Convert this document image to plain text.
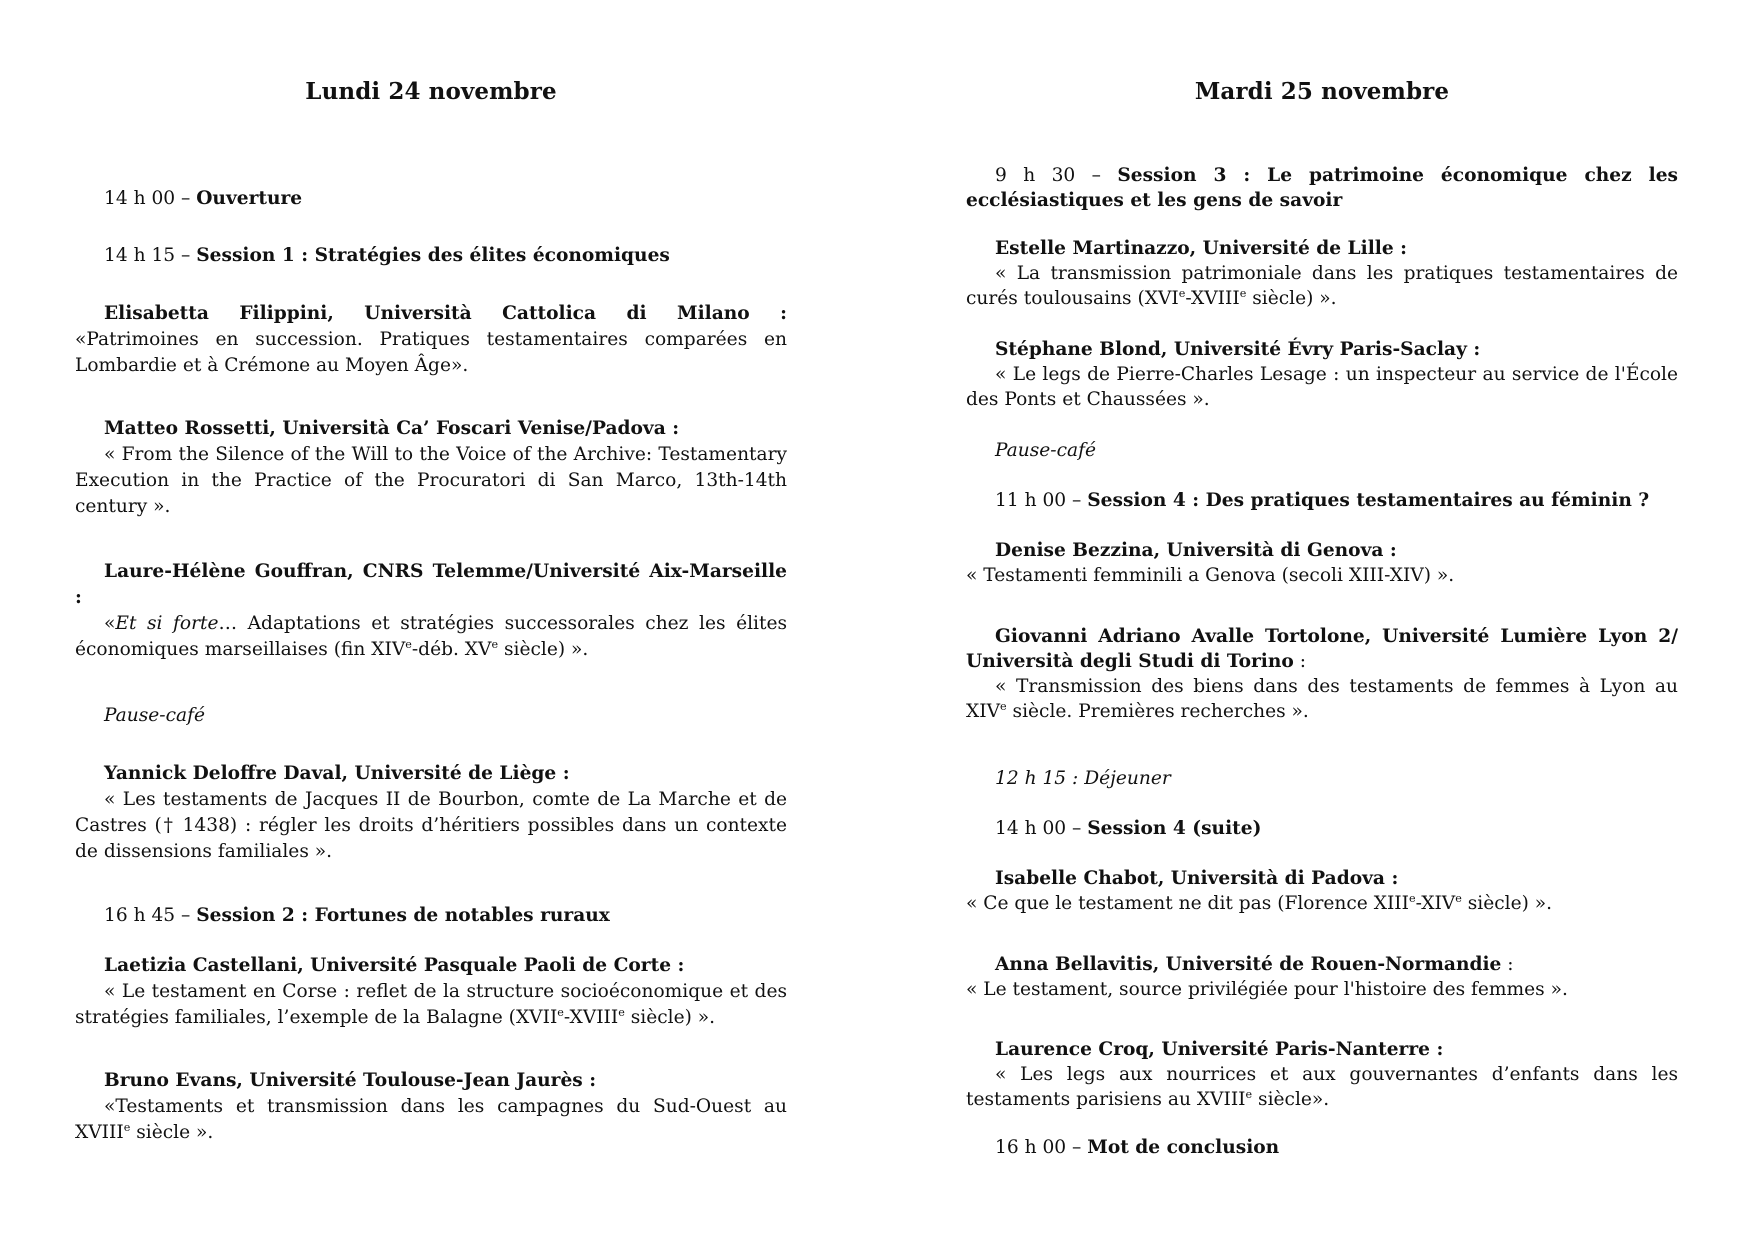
Lundi 24 novembre
14 h 00 – Ouverture
14 h 15 – Session 1 : Stratégies des élites économiques
Elisabetta Filippini, Università Cattolica di Milano :
«Patrimoines en succession. Pratiques testamentaires comparées en Lombardie et à Crémone au Moyen Âge».
Matteo Rossetti, Università Ca’ Foscari Venise/Padova :
« From the Silence of the Will to the Voice of the Archive: Testamentary Execution in the Practice of the Procuratori di San Marco, 13th-14th century ».
Laure-Hélène Gouffran, CNRS Telemme/Université Aix-Marseille :
«Et si forte… Adaptations et stratégies successorales chez les élites économiques marseillaises (fin XIVe-déb. XVe siècle) ».
Pause-café
Yannick Deloffre Daval, Université de Liège :
« Les testaments de Jacques II de Bourbon, comte de La Marche et de Castres († 1438) : régler les droits d’héritiers possibles dans un contexte de dissensions familiales ».
16 h 45 – Session 2 : Fortunes de notables ruraux
Laetizia Castellani, Université Pasquale Paoli de Corte :
« Le testament en Corse : reflet de la structure socioéconomique et des stratégies familiales, l’exemple de la Balagne (XVIIe-XVIIIe siècle) ».
Bruno Evans, Université Toulouse-Jean Jaurès :
«Testaments et transmission dans les campagnes du Sud-Ouest au XVIIIe siècle ».
Mardi 25 novembre
9 h 30 – Session 3 : Le patrimoine économique chez les ecclésiastiques et les gens de savoir
Estelle Martinazzo, Université de Lille :
« La transmission patrimoniale dans les pratiques testamentaires de curés toulousains (XVIe-XVIIIe siècle) ».
Stéphane Blond, Université Évry Paris-Saclay :
« Le legs de Pierre-Charles Lesage : un inspecteur au service de l'École des Ponts et Chaussées ».
Pause-café
11 h 00 – Session 4 : Des pratiques testamentaires au féminin ?
Denise Bezzina, Università di Genova :
« Testamenti femminili a Genova (secoli XIII-XIV) ».
Giovanni Adriano Avalle Tortolone, Université Lumière Lyon 2/ Università degli Studi di Torino :
« Transmission des biens dans des testaments de femmes à Lyon au XIVe siècle. Premières recherches ».
12 h 15 : Déjeuner
14 h 00 – Session 4 (suite)
Isabelle Chabot, Università di Padova :
« Ce que le testament ne dit pas (Florence XIIIe-XIVe siècle) ».
Anna Bellavitis, Université de Rouen-Normandie :
« Le testament, source privilégiée pour l'histoire des femmes ».
Laurence Croq, Université Paris-Nanterre :
« Les legs aux nourrices et aux gouvernantes d’enfants dans les testaments parisiens au XVIIIe siècle».
16 h 00 – Mot de conclusion
